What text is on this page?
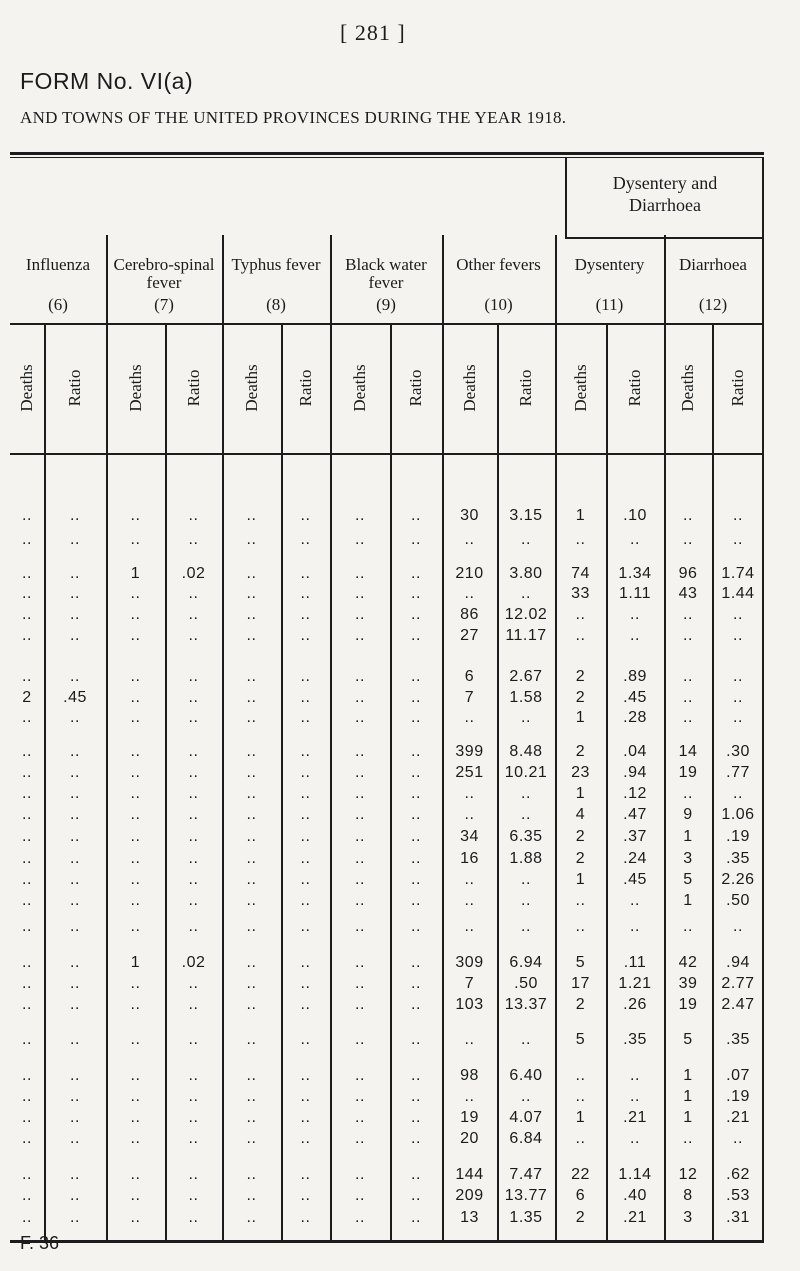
[ 281 ]
FORM No. VI(a)
AND TOWNS OF THE UNITED PROVINCES DURING THE YEAR 1918.
Dysentery and Diarrhoea
Influenza
(6)
Cerebro-spinal fever
(7)
Typhus fever
(8)
Black water fever
(9)
Other fevers
(10)
Dysentery
(11)
Diarrhoea
(12)
Deaths Ratio Deaths Ratio Deaths Ratio Deaths Ratio Deaths Ratio Deaths Ratio Deaths Ratio
..	..	..	..	..	..	..	..	30	3.15	1	.10	..	..
..	..	..	..	..	..	..	..	..	..	..	..	..	..
..	..	1	.02	..	..	..	..	210	3.80	74	1.34	96	1.74
..	..	..	..	..	..	..	..	..	..	33	1.11	43	1.44
..	..	..	..	..	..	..	..	86	12.02	..	..	..	..
..	..	..	..	..	..	..	..	27	11.17	..	..	..	..
..	..	..	..	..	..	..	..	6	2.67	2	.89	..	..
2	.45	..	..	..	..	..	..	7	1.58	2	.45	..	..
..	..	..	..	..	..	..	..	..	..	1	.28	..	..
..	..	..	..	..	..	..	..	399	8.48	2	.04	14	.30
..	..	..	..	..	..	..	..	251	10.21	23	.94	19	.77
..	..	..	..	..	..	..	..	..	..	1	.12	..	..
..	..	..	..	..	..	..	..	..	..	4	.47	9	1.06
..	..	..	..	..	..	..	..	34	6.35	2	.37	1	.19
..	..	..	..	..	..	..	..	16	1.88	2	.24	3	.35
..	..	..	..	..	..	..	..	..	..	1	.45	5	2.26
..	..	..	..	..	..	..	..	..	..	..	..	1	.50
..	..	..	..	..	..	..	..	..	..	..	..	..	..
..	..	1	.02	..	..	..	..	309	6.94	5	.11	42	.94
..	..	..	..	..	..	..	..	7	.50	17	1.21	39	2.77
..	..	..	..	..	..	..	..	103	13.37	2	.26	19	2.47
..	..	..	..	..	..	..	..	..	..	5	.35	5	.35
..	..	..	..	..	..	..	..	98	6.40	..	..	1	.07
..	..	..	..	..	..	..	..	..	..	..	..	1	.19
..	..	..	..	..	..	..	..	19	4.07	1	.21	1	.21
..	..	..	..	..	..	..	..	20	6.84	..	..	..	..
..	..	..	..	..	..	..	..	144	7.47	22	1.14	12	.62
..	..	..	..	..	..	..	..	209	13.77	6	.40	8	.53
..	..	..	..	..	..	..	..	13	1.35	2	.21	3	.31
F. 36
